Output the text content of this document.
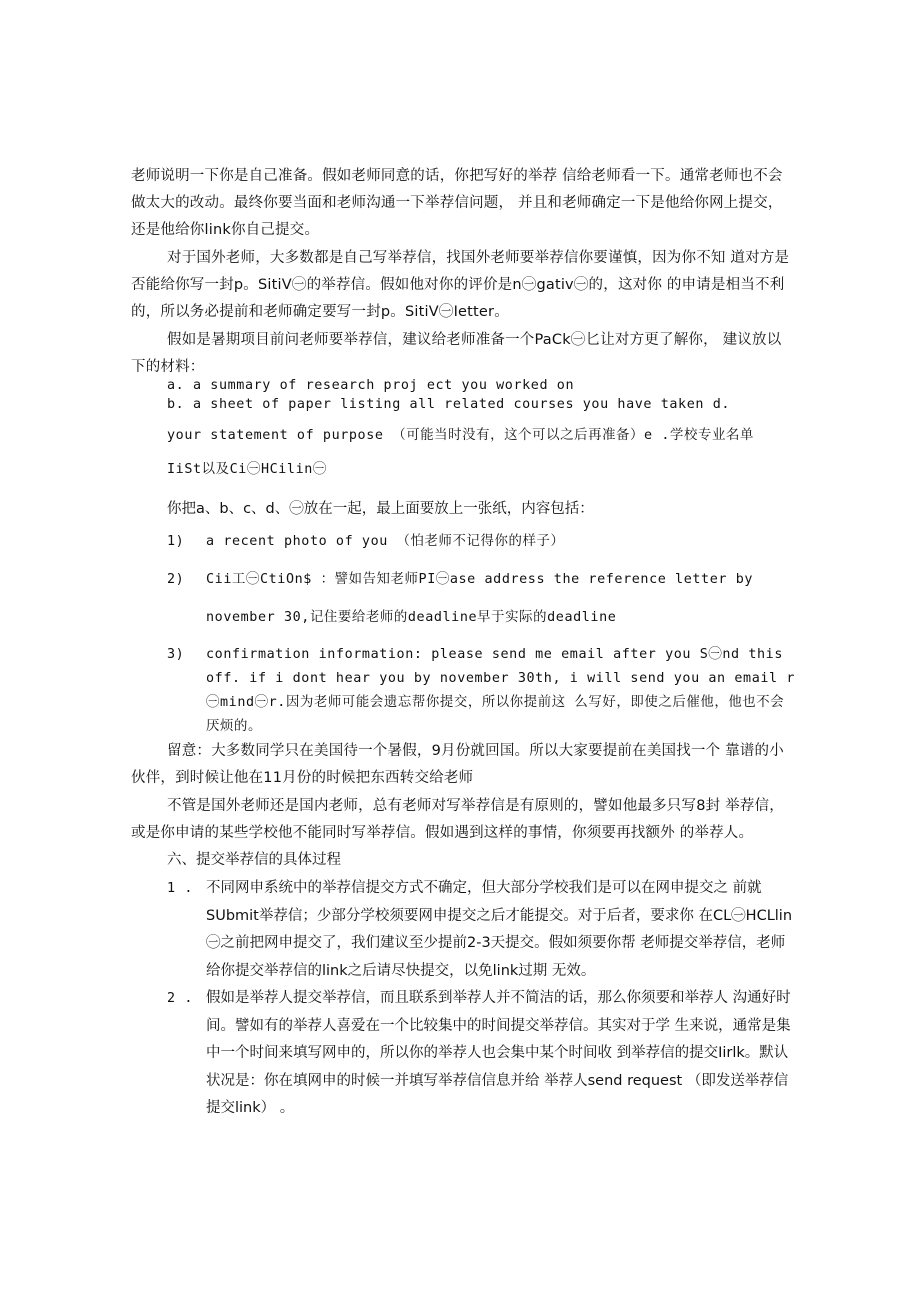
老师说明一下你是自己准备。假如老师同意的话，你把写好的举荐 信给老师看一下。通常老师也不会做太大的改动。最终你要当面和老师沟通一下举荐信问题， 并且和老师确定一下是他给你网上提交，还是他给你link你自己提交。

对于国外老师，大多数都是自己写举荐信，找国外老师要举荐信你要谨慎，因为你不知 道对方是否能给你写一封p。SitiV㊀的举荐信。假如他对你的评价是n㊀gativ㊀的，这对你 的申请是相当不利的，所以务必提前和老师确定要写一封p。SitiV㊀Ietter。

假如是暑期项目前问老师要举荐信，建议给老师准备一个PaCk㊀匕让对方更了解你， 建议放以下的材料：

a. a summary of research proj ect you worked on
b. a sheet of paper listing all related courses you have taken d.
your statement of purpose （可能当时没有，这个可以之后再准备）e .学校专业名单
IiSt以及Ci㊀HCilin㊀
你把a、b、c、d、㊀放在一起，最上面要放上一张纸，内容包括：
1) a recent photo of you （怕老师不记得你的样子）
2) Cii工㊀CtiOn$ ：譬如告知老师PI㊀ase address the reference letter by
november 30,记住要给老师的deadline早于实际的deadline
3) confirmation information: please send me email after you S㊀nd this off. if i dont hear you by november 30th, i will send you an email r㊀mind㊀r.因为老师可能会遗忘帮你提交，所以你提前这 么写好，即使之后催他，他也不会厌烦的。

留意：大多数同学只在美国待一个暑假，9月份就回国。所以大家要提前在美国找一个 靠谱的小伙伴，到时候让他在11月份的时候把东西转交给老师

不管是国外老师还是国内老师，总有老师对写举荐信是有原则的，譬如他最多只写8封 举荐信，或是你申请的某些学校他不能同时写举荐信。假如遇到这样的事情，你须要再找额外 的举荐人。

六、提交举荐信的具体过程
1 . 不同网申系统中的举荐信提交方式不确定，但大部分学校我们是可以在网申提交之 前就SUbmit举荐信；少部分学校须要网申提交之后才能提交。对于后者，要求你 在CL㊀HCLlin㊀之前把网申提交了，我们建议至少提前2-3天提交。假如须要你帮 老师提交举荐信，老师给你提交举荐信的link之后请尽快提交，以免link过期 无效。
2 . 假如是举荐人提交举荐信，而且联系到举荐人并不简洁的话，那么你须要和举荐人 沟通好时间。譬如有的举荐人喜爱在一个比较集中的时间提交举荐信。其实对于学 生来说，通常是集中一个时间来填写网申的，所以你的举荐人也会集中某个时间收 到举荐信的提交Iirlk。默认状况是：你在填网申的时候一并填写举荐信信息并给 举荐人send request （即发送举荐信提交link） 。
